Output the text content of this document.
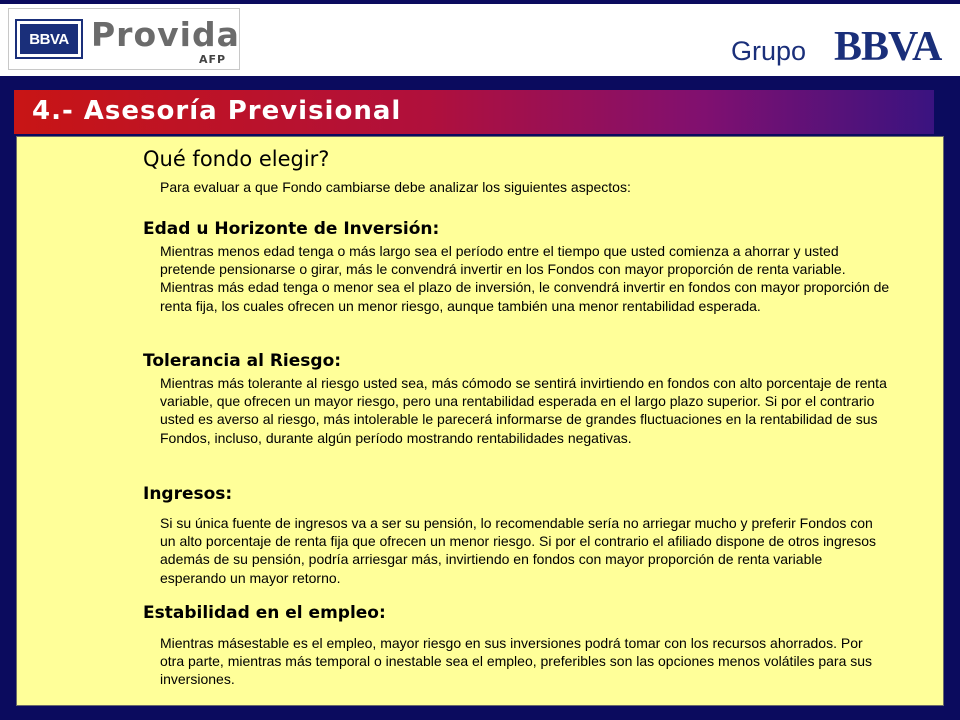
BBVA Provida
AFP	Grupo BBVA
4.- Asesoría Previsional
Qué fondo elegir?

Para evaluar a que Fondo cambiarse debe analizar los siguientes aspectos:

Edad u Horizonte de Inversión:

Mientras menos edad tenga o más largo sea el período entre el tiempo que usted comienza a ahorrar y usted pretende pensionarse o girar, más le convendrá invertir en los Fondos con mayor proporción de renta variable. Mientras más edad tenga o menor sea el plazo de inversión, le convendrá invertir en fondos con mayor proporción de renta fija, los cuales ofrecen un menor riesgo, aunque también una menor rentabilidad esperada.

Tolerancia al Riesgo:

Mientras más tolerante al riesgo usted sea, más cómodo se sentirá invirtiendo en fondos con alto porcentaje de renta variable, que ofrecen un mayor riesgo, pero una rentabilidad esperada en el largo plazo superior. Si por el contrario usted es averso al riesgo, más intolerable le parecerá informarse de grandes fluctuaciones en la rentabilidad de sus Fondos, incluso, durante algún período mostrando rentabilidades negativas.

Ingresos:

Si su única fuente de ingresos va a ser su pensión, lo recomendable sería no arriegar mucho y preferir Fondos con un alto porcentaje de renta fija que ofrecen un menor riesgo. Si por el contrario el afiliado dispone de otros ingresos además de su pensión, podría arriesgar más, invirtiendo en fondos con mayor proporción de renta variable esperando un mayor retorno.

Estabilidad en el empleo:

Mientras másestable es el empleo, mayor riesgo en sus inversiones podrá tomar con los recursos ahorrados. Por otra parte, mientras más temporal o inestable sea el empleo, preferibles son las opciones menos volátiles para sus inversiones.
